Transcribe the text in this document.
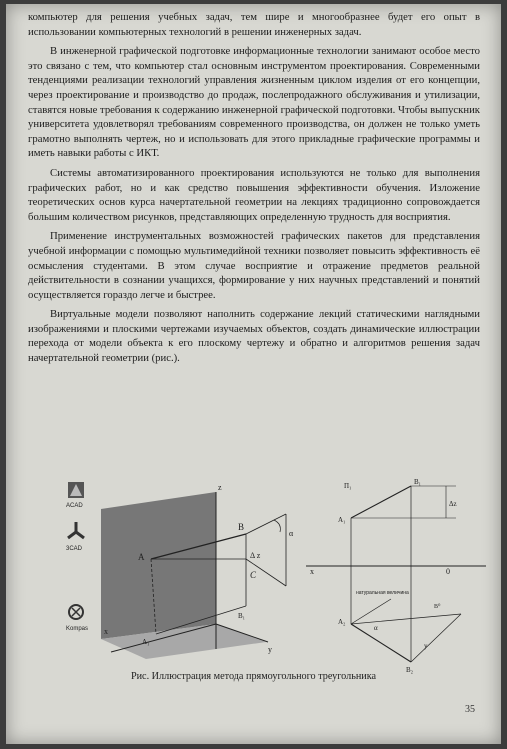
компьютер для решения учебных задач, тем шире и многообразнее будет его опыт в использовании компьютерных технологий в решении инженерных задач.

В инженерной графической подготовке информационные технологии занимают особое место это связано с тем, что компьютер стал основным инструментом проектирования. Современными тенденциями реализации технологий управления жизненным циклом изделия от его концепции, через проектирование и производство до продаж, послепродажного обслуживания и утилизации, ставятся новые требования к содержанию инженерной графической подготовки. Чтобы выпускник университета удовлетворял требованиям современного производства, он должен не только уметь грамотно выполнять чертеж, но и использовать для этого прикладные графические программы и иметь навыки работы с ИКТ.

Системы автоматизированного проектирования используются не только для выполнения графических работ, но и как средство повышения эффективности обучения. Изложение теоретических основ курса начертательной геометрии на лекциях традиционно сопровождается большим количеством рисунков, представляющих определенную трудность для восприятия.

Применение инструментальных возможностей графических пакетов для представления учебной информации с помощью мультимедийной техники позволяет повысить эффективность её осмысления студентами. В этом случае восприятие и отражение предметов реальной действительности в сознании учащихся, формирование у них научных представлений и понятий осуществляется гораздо легче и быстрее.

Виртуальные модели позволяют наполнить содержание лекций статическими наглядными изображениями и плоскими чертежами изучаемых объектов, создать динамические иллюстрации перехода от модели объекта к его плоскому чертежу и обратно и алгоритмов решения задач начертательной геометрии (рис.).

ACAD
3CAD
Kompas
z
x
y
B
A
C
Δ z
α
A₁
B₁
x	0
П₁
A₁
B₁
Δz
A₂
B₂
α
y
B⁰
натуральная величина
Рис. Иллюстрация метода прямоугольного треугольника
35
